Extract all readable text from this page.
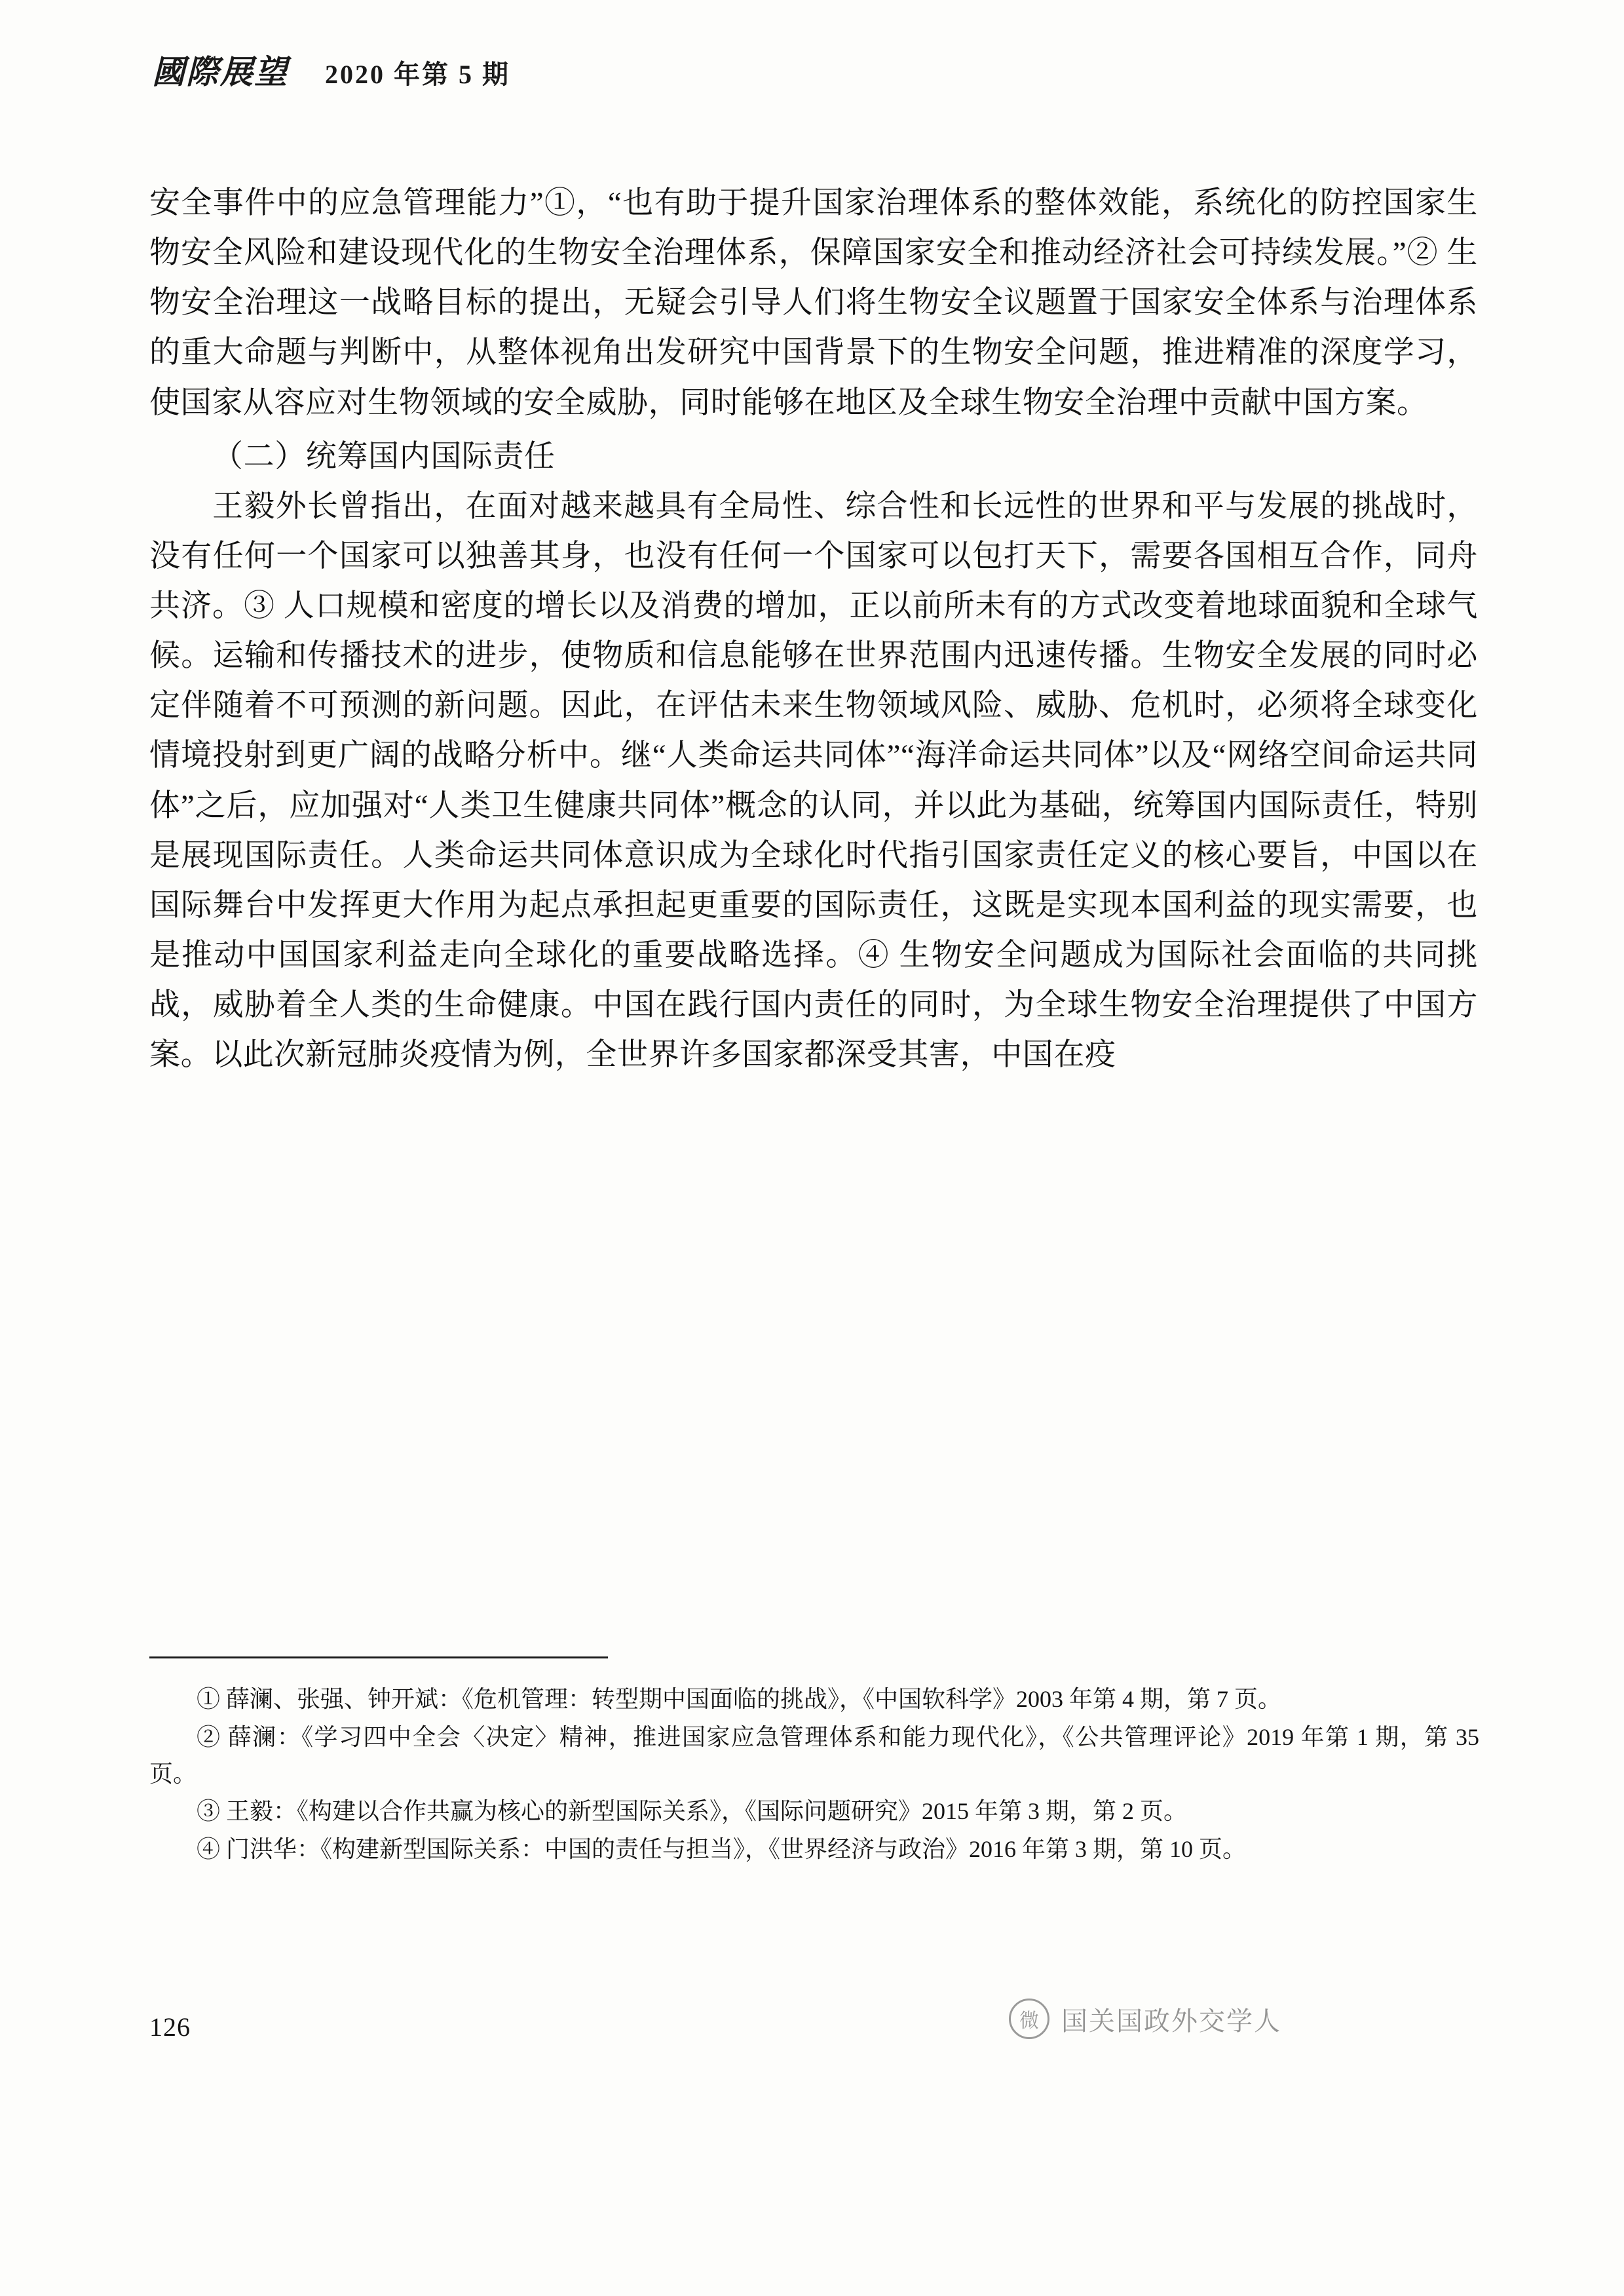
國際展望 2020 年第 5 期

安全事件中的应急管理能力”①，“也有助于提升国家治理体系的整体效能，系统化的防控国家生物安全风险和建设现代化的生物安全治理体系，保障国家安全和推动经济社会可持续发展。”② 生物安全治理这一战略目标的提出，无疑会引导人们将生物安全议题置于国家安全体系与治理体系的重大命题与判断中，从整体视角出发研究中国背景下的生物安全问题，推进精准的深度学习，使国家从容应对生物领域的安全威胁，同时能够在地区及全球生物安全治理中贡献中国方案。

（二）统筹国内国际责任

王毅外长曾指出，在面对越来越具有全局性、综合性和长远性的世界和平与发展的挑战时，没有任何一个国家可以独善其身，也没有任何一个国家可以包打天下，需要各国相互合作，同舟共济。③ 人口规模和密度的增长以及消费的增加，正以前所未有的方式改变着地球面貌和全球气候。运输和传播技术的进步，使物质和信息能够在世界范围内迅速传播。生物安全发展的同时必定伴随着不可预测的新问题。因此，在评估未来生物领域风险、威胁、危机时，必须将全球变化情境投射到更广阔的战略分析中。继“人类命运共同体”“海洋命运共同体”以及“网络空间命运共同体”之后，应加强对“人类卫生健康共同体”概念的认同，并以此为基础，统筹国内国际责任，特别是展现国际责任。人类命运共同体意识成为全球化时代指引国家责任定义的核心要旨，中国以在国际舞台中发挥更大作用为起点承担起更重要的国际责任，这既是实现本国利益的现实需要，也是推动中国国家利益走向全球化的重要战略选择。④ 生物安全问题成为国际社会面临的共同挑战，威胁着全人类的生命健康。中国在践行国内责任的同时，为全球生物安全治理提供了中国方案。以此次新冠肺炎疫情为例，全世界许多国家都深受其害，中国在疫

① 薛澜、张强、钟开斌：《危机管理：转型期中国面临的挑战》，《中国软科学》2003 年第 4 期，第 7 页。
② 薛澜：《学习四中全会〈决定〉精神，推进国家应急管理体系和能力现代化》，《公共管理评论》2019 年第 1 期，第 35 页。
③ 王毅：《构建以合作共赢为核心的新型国际关系》，《国际问题研究》2015 年第 3 期，第 2 页。
④ 门洪华：《构建新型国际关系：中国的责任与担当》，《世界经济与政治》2016 年第 3 期，第 10 页。
126	微 国关国政外交学人
